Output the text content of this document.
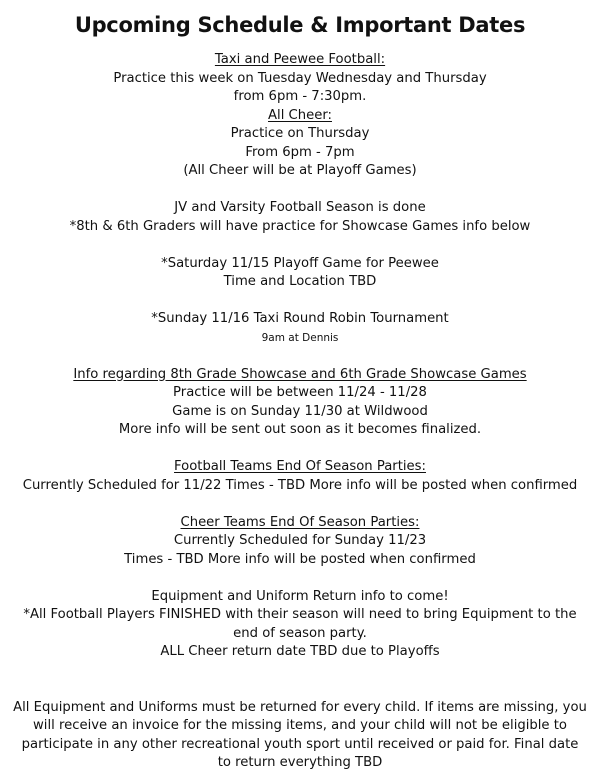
Upcoming Schedule & Important Dates
Taxi and Peewee Football:
Practice this week on Tuesday Wednesday and Thursday
from 6pm - 7:30pm.
All Cheer:
Practice on Thursday
From 6pm - 7pm
(All Cheer will be at Playoff Games)
JV and Varsity Football Season is done
*8th & 6th Graders will have practice for Showcase Games info below
*Saturday 11/15 Playoff Game for Peewee
Time and Location TBD
*Sunday 11/16 Taxi Round Robin Tournament
9am at Dennis
Info regarding 8th Grade Showcase and 6th Grade Showcase Games
Practice will be between 11/24 - 11/28
Game is on Sunday 11/30 at Wildwood
More info will be sent out soon as it becomes finalized.
Football Teams End Of Season Parties:
Currently Scheduled for 11/22 Times - TBD More info will be posted when confirmed
Cheer Teams End Of Season Parties:
Currently Scheduled for Sunday 11/23
Times - TBD More info will be posted when confirmed
Equipment and Uniform Return info to come!
*All Football Players FINISHED with their season will need to bring Equipment to the
end of season party.
ALL Cheer return date TBD due to Playoffs
All Equipment and Uniforms must be returned for every child. If items are missing, you
will receive an invoice for the missing items, and your child will not be eligible to
participate in any other recreational youth sport until received or paid for. Final date
to return everything TBD
